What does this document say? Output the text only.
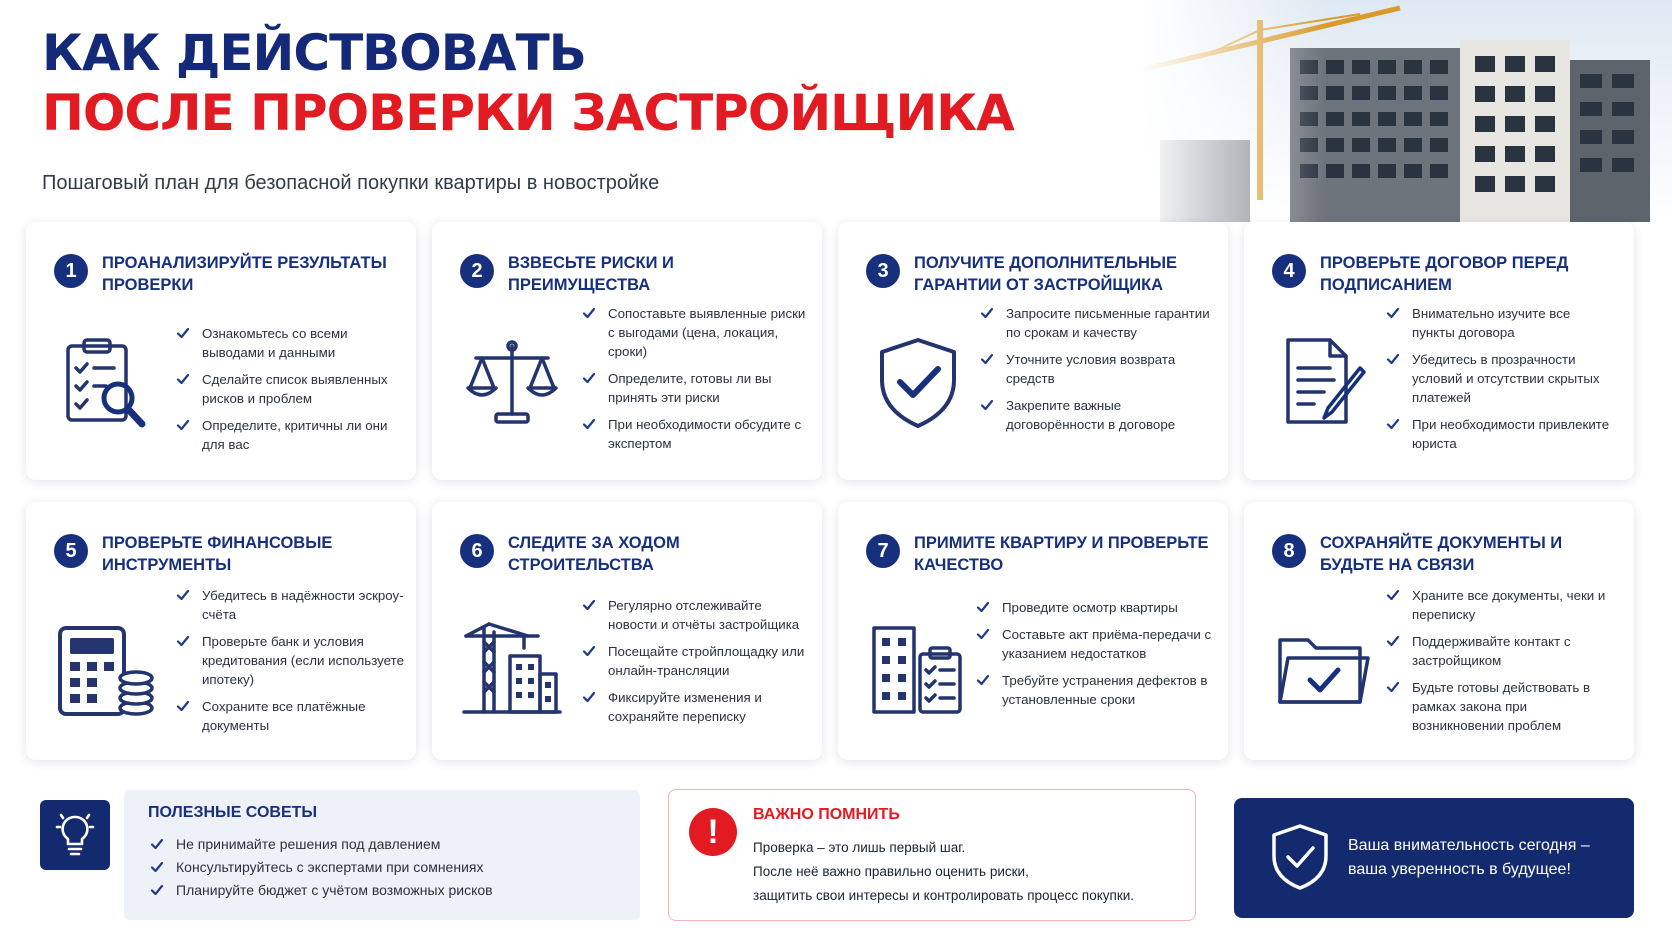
КАК ДЕЙСТВОВАТЬ
ПОСЛЕ ПРОВЕРКИ ЗАСТРОЙЩИКА
Пошаговый план для безопасной покупки квартиры в новостройке
1	ПРОАНАЛИЗИРУЙТЕ РЕЗУЛЬТАТЫ ПРОВЕРКИ
Ознакомьтесь со всеми выводами и данными
Сделайте список выявленных рисков и проблем
Определите, критичны ли они для вас
2	ВЗВЕСЬТЕ РИСКИ И ПРЕИМУЩЕСТВА
Сопоставьте выявленные риски с выгодами (цена, локация, сроки)
Определите, готовы ли вы принять эти риски
При необходимости обсудите с экспертом
3	ПОЛУЧИТЕ ДОПОЛНИТЕЛЬНЫЕ ГАРАНТИИ ОТ ЗАСТРОЙЩИКА
Запросите письменные гарантии по срокам и качеству
Уточните условия возврата средств
Закрепите важные договорённости в договоре
4	ПРОВЕРЬТЕ ДОГОВОР ПЕРЕД ПОДПИСАНИЕМ
Внимательно изучите все пункты договора
Убедитесь в прозрачности условий и отсутствии скрытых платежей
При необходимости привлеките юриста
5	ПРОВЕРЬТЕ ФИНАНСОВЫЕ ИНСТРУМЕНТЫ
Убедитесь в надёжности эскроу-счёта
Проверьте банк и условия кредитования (если используете ипотеку)
Сохраните все платёжные документы
6	СЛЕДИТЕ ЗА ХОДОМ СТРОИТЕЛЬСТВА
Регулярно отслеживайте новости и отчёты застройщика
Посещайте стройплощадку или онлайн-трансляции
Фиксируйте изменения и сохраняйте переписку
7	ПРИМИТЕ КВАРТИРУ И ПРОВЕРЬТЕ КАЧЕСТВО
Проведите осмотр квартиры
Составьте акт приёма-передачи с указанием недостатков
Требуйте устранения дефектов в установленные сроки
8	СОХРАНЯЙТЕ ДОКУМЕНТЫ И БУДЬТЕ НА СВЯЗИ
Храните все документы, чеки и переписку
Поддерживайте контакт с застройщиком
Будьте готовы действовать в рамках закона при возникновении проблем
ПОЛЕЗНЫЕ СОВЕТЫ
Не принимайте решения под давлением
Консультируйтесь с экспертами при сомнениях
Планируйте бюджет с учётом возможных рисков
!	ВАЖНО ПОМНИТЬ
Проверка – это лишь первый шаг.
После неё важно правильно оценить риски,
защитить свои интересы и контролировать процесс покупки.
Ваша внимательность сегодня – ваша уверенность в будущее!
